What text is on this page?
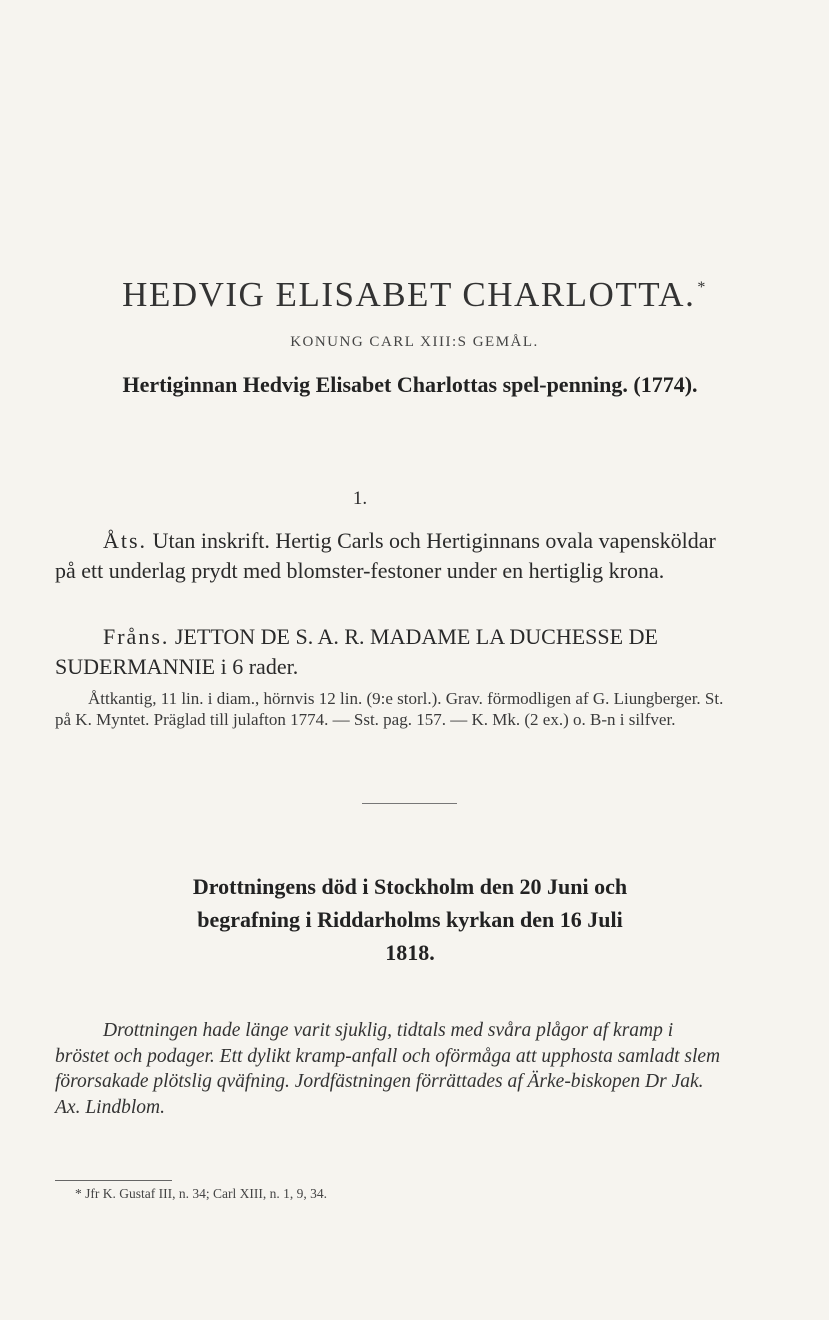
HEDVIG ELISABET CHARLOTTA. *
KONUNG CARL XIII:S GEMÅL.
Hertiginnan Hedvig Elisabet Charlottas spel-penning. (1774).
1.
Åts. Utan inskrift. Hertig Carls och Hertiginnans ovala vapensköldar på ett underlag prydt med blomster-festoner under en hertiglig krona.
Fråns. JETTON DE S. A. R. MADAME LA DUCHESSE DE SUDERMANNIE i 6 rader.
Åttkantig, 11 lin. i diam., hörnvis 12 lin. (9:e storl.). Grav. förmodligen af G. Liungberger. St. på K. Myntet. Präglad till julafton 1774. — Sst. pag. 157. — K. Mk. (2 ex.) o. B-n i silfver.
Drottningens död i Stockholm den 20 Juni och
begrafning i Riddarholms kyrkan den 16 Juli
1818.
Drottningen hade länge varit sjuklig, tidtals med svåra plågor af kramp i bröstet och podager. Ett dylikt kramp-anfall och oförmåga att upphosta samladt slem förorsakade plötslig qväfning. Jordfästningen förrättades af Ärke-biskopen Dr Jak. Ax. Lindblom.
* Jfr K. Gustaf III, n. 34; Carl XIII, n. 1, 9, 34.
